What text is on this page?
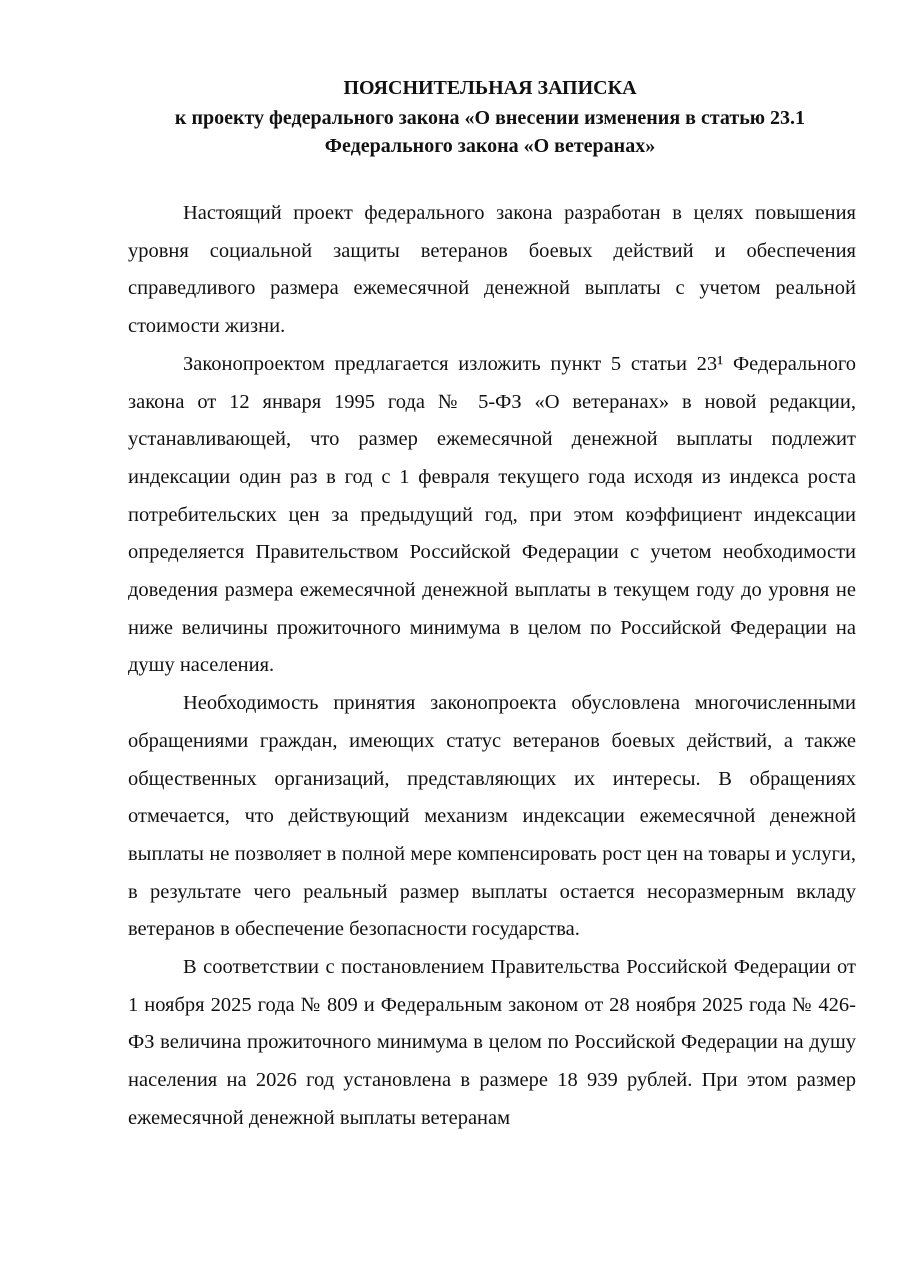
ПОЯСНИТЕЛЬНАЯ ЗАПИСКА
к проекту федерального закона «О внесении изменения в статью 23.1
Федерального закона «О ветеранах»

Настоящий проект федерального закона разработан в целях повышения уровня социальной защиты ветеранов боевых действий и обеспечения справедливого размера ежемесячной денежной выплаты с учетом реальной стоимости жизни.

Законопроектом предлагается изложить пункт 5 статьи 23¹ Федерального закона от 12 января 1995 года № 5-ФЗ «О ветеранах» в новой редакции, устанавливающей, что размер ежемесячной денежной выплаты подлежит индексации один раз в год с 1 февраля текущего года исходя из индекса роста потребительских цен за предыдущий год, при этом коэффициент индексации определяется Правительством Российской Федерации с учетом необходимости доведения размера ежемесячной денежной выплаты в текущем году до уровня не ниже величины прожиточного минимума в целом по Российской Федерации на душу населения.

Необходимость принятия законопроекта обусловлена многочисленными обращениями граждан, имеющих статус ветеранов боевых действий, а также общественных организаций, представляющих их интересы. В обращениях отмечается, что действующий механизм индексации ежемесячной денежной выплаты не позволяет в полной мере компенсировать рост цен на товары и услуги, в результате чего реальный размер выплаты остается несоразмерным вкладу ветеранов в обеспечение безопасности государства.

В соответствии с постановлением Правительства Российской Федерации от 1 ноября 2025 года № 809 и Федеральным законом от 28 ноября 2025 года № 426-ФЗ величина прожиточного минимума в целом по Российской Федерации на душу населения на 2026 год установлена в размере 18 939 рублей. При этом размер ежемесячной денежной выплаты ветеранам
